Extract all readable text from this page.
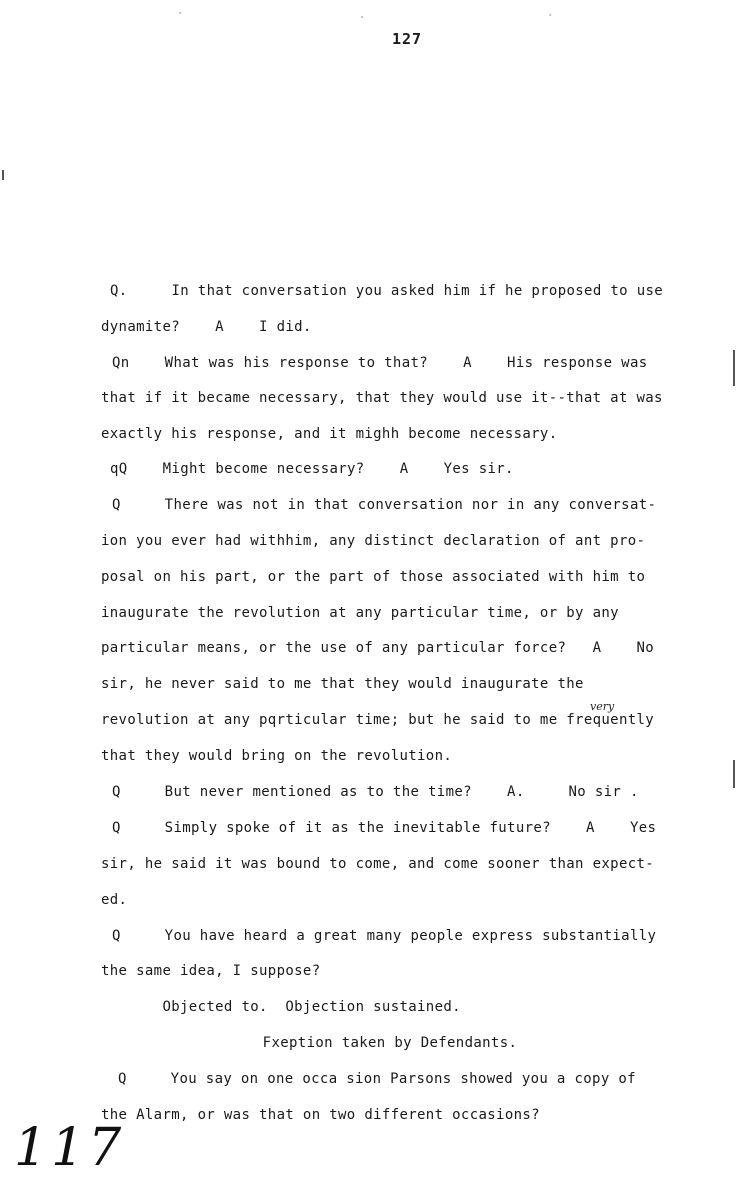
·	·	·
127
Q.     In that conversation you asked him if he proposed to use
dynamite?    A    I did.
Qn    What was his response to that?    A    His response was
that if it became necessary, that they would use it--that at was
exactly his response, and it mighh become necessary.
qQ    Might become necessary?    A    Yes sir.
Q     There was not in that conversation nor in any conversat-
ion you ever had withhim, any distinct declaration of ant pro-
posal on his part, or the part of those associated with him to
inaugurate the revolution at any particular time, or by any
particular means, or the use of any particular force?   A    No
sir, he never said to me that they would inaugurate the
very
revolution at any pqrticular time; but he said to me frequently
that they would bring on the revolution.
Q     But never mentioned as to the time?    A.     No sir .
Q     Simply spoke of it as the inevitable future?    A    Yes
sir, he said it was bound to come, and come sooner than expect-
ed.
Q     You have heard a great many people express substantially
the same idea, I suppose?
Objected to.  Objection sustained.
Fxeption taken by Defendants.
Q     You say on one occa sion Parsons showed you a copy of
the Alarm, or was that on two different occasions?
117
